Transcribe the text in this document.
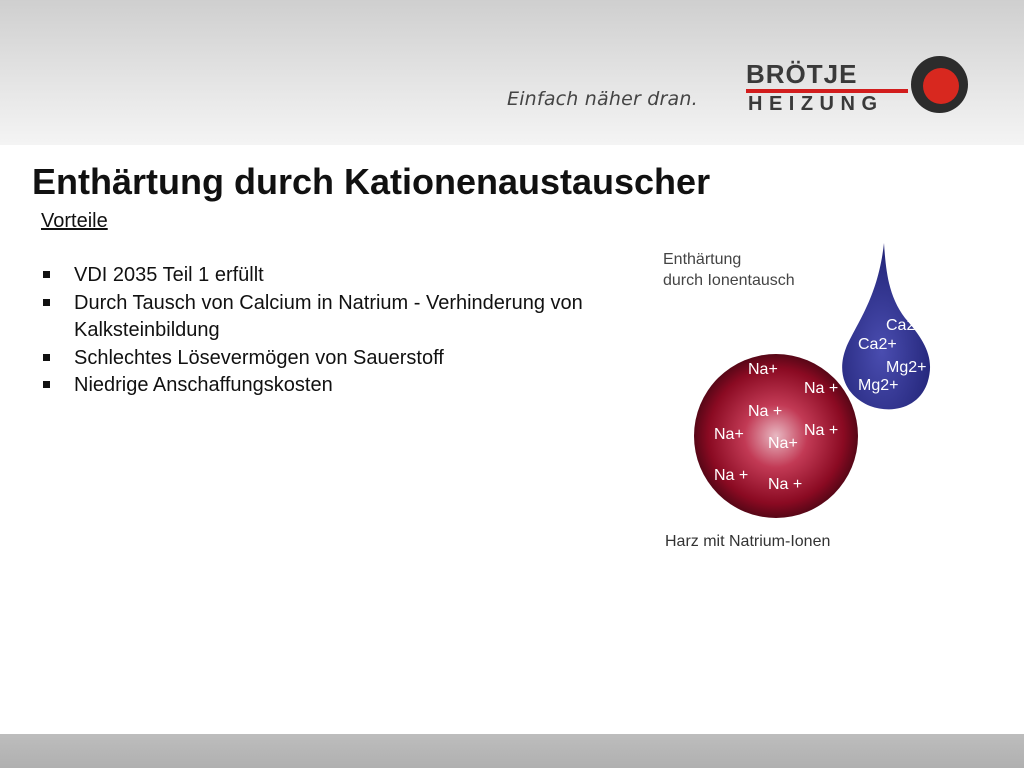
Einfach näher dran.
BRÖTJE
HEIZUNG
Enthärtung durch Kationenaustauscher
Vorteile
VDI 2035 Teil 1 erfüllt
Durch Tausch von Calcium in Natrium - Verhinderung von Kalksteinbildung
Schlechtes Lösevermögen von Sauerstoff
Niedrige Anschaffungskosten
Enthärtung
durch Ionentausch
Na+
Na +
Na +
Na+
Na+
Na +
Na +
Na +
Ca2+
Ca2+
Mg2+
Mg2+
Harz mit Natrium-Ionen
